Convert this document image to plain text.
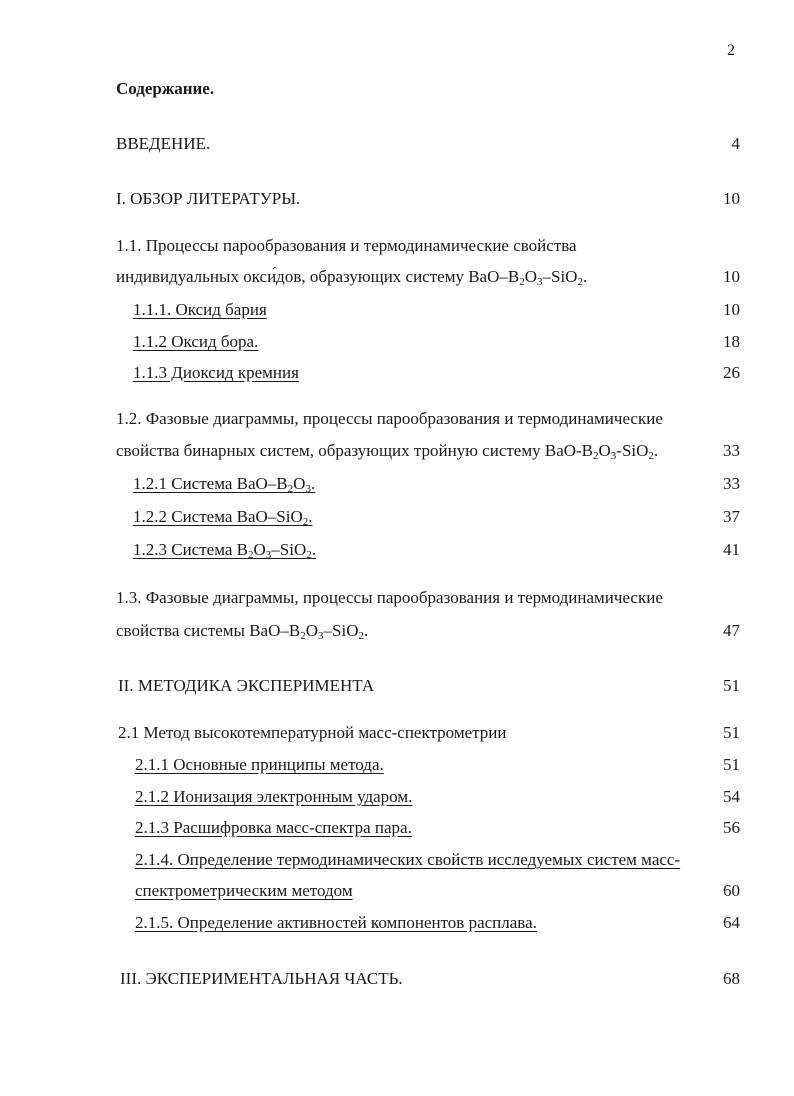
2
Содержание.
ВВЕДЕНИЕ.	4
I. ОБЗОР ЛИТЕРАТУРЫ.	10
1.1. Процессы парообразования и термодинамические свойства
индивидуальных окси́дов, образующих систему BaO–$B_2O_3-SiO_2$.	10
1.1.1. Оксид бария	10
1.1.2 Оксид бора.	18
1.1.3 Диоксид кремния	26
1.2. Фазовые диаграммы, процессы парообразования и термодинамические
свойства бинарных систем, образующих тройную систему BaO-$B_2O_3-SiO_2$.	33
1.2.1 Система BaO–$B_2O_3$.	33
1.2.2 Система BaO–SiO$_2$.	37
1.2.3 Система $B_2O_3-SiO_2$.	41
1.3. Фазовые диаграммы, процессы парообразования и термодинамические
свойства системы BaO–$B_2O_3-SiO_2$.	47
II. МЕТОДИКА ЭКСПЕРИМЕНТА	51
2.1 Метод высокотемпературной масс-спектрометрии	51
2.1.1 Основные принципы метода.	51
2.1.2 Ионизация электронным ударом.	54
2.1.3 Расшифровка масс-спектра пара.	56
2.1.4. Определение термодинамических свойств исследуемых систем масс-
спектрометрическим методом	60
2.1.5. Определение активностей компонентов расплава.	64
III. ЭКСПЕРИМЕНТАЛЬНАЯ ЧАСТЬ.	68
